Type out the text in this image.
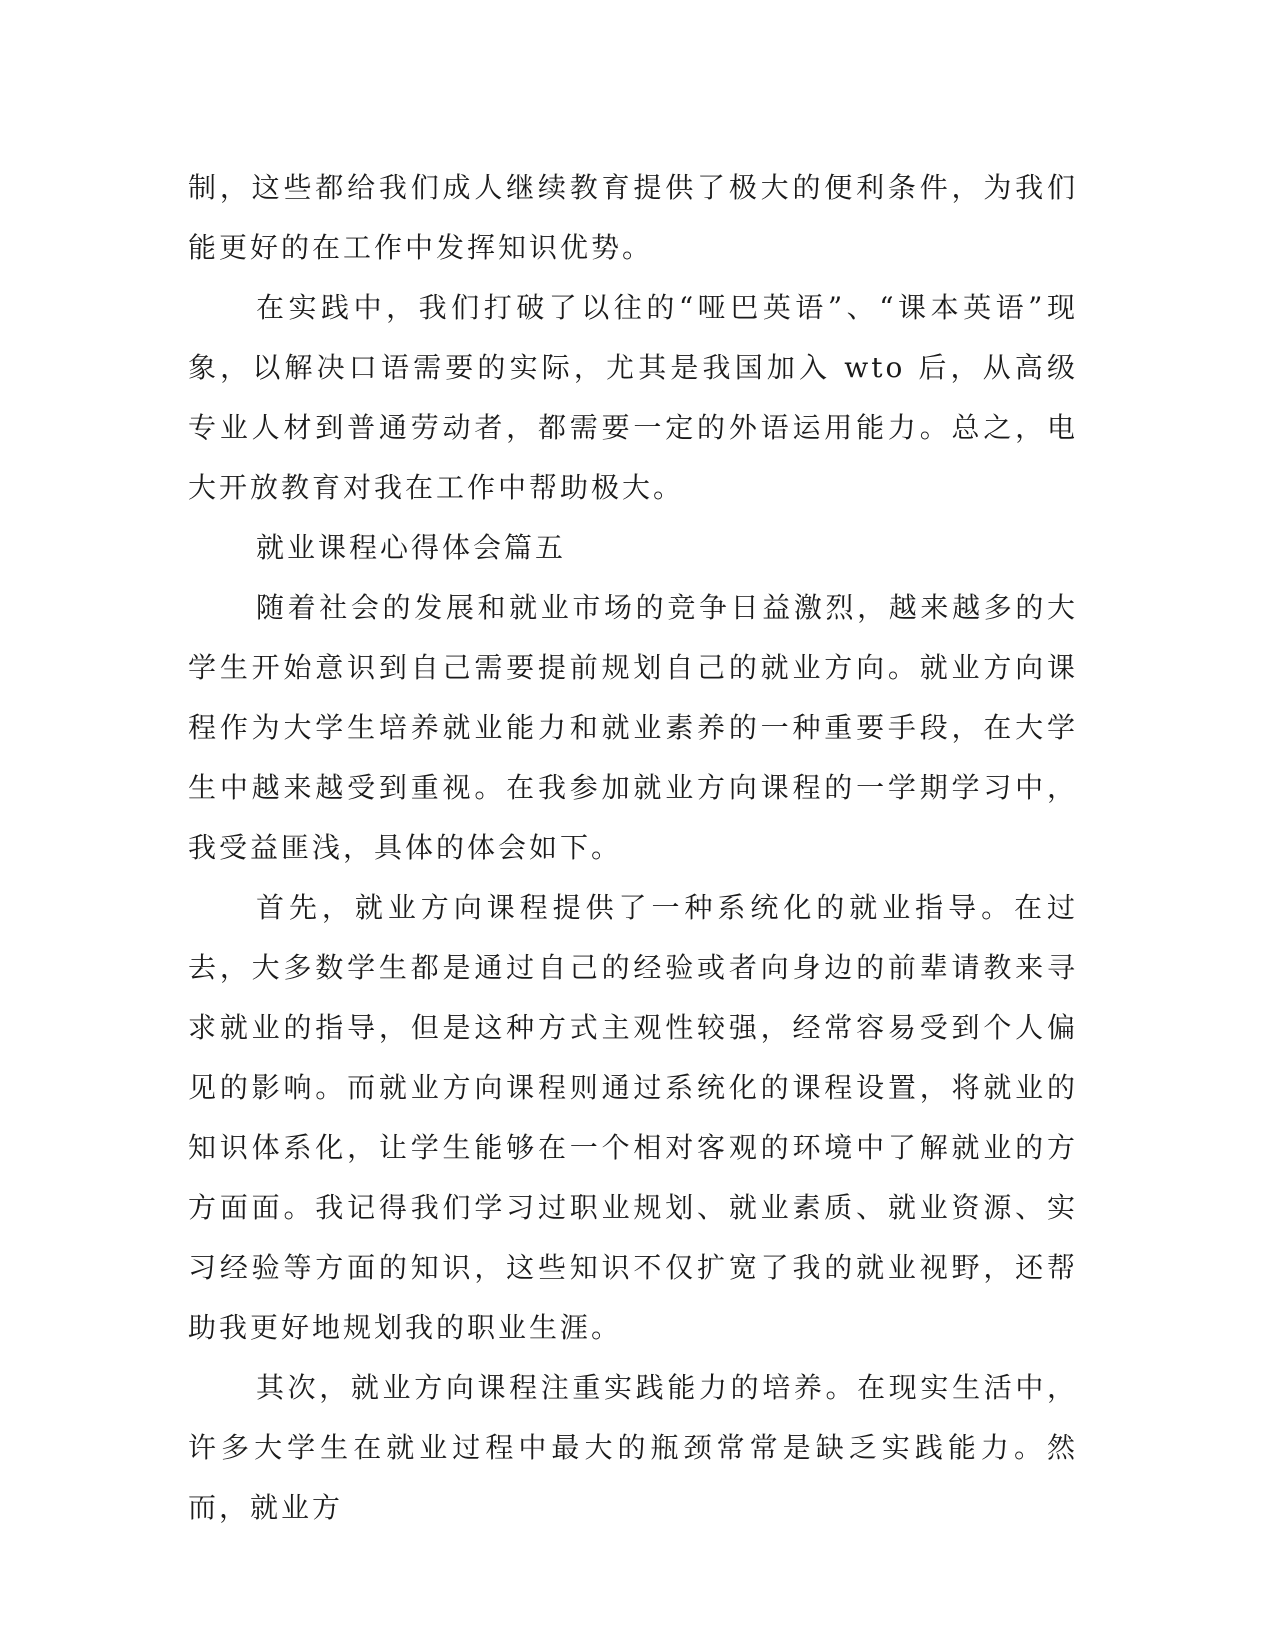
制，这些都给我们成人继续教育提供了极大的便利条件，为我们能更好的在工作中发挥知识优势。

在实践中，我们打破了以往的“哑巴英语”、“课本英语”现象，以解决口语需要的实际，尤其是我国加入 wto 后，从高级专业人材到普通劳动者，都需要一定的外语运用能力。总之，电大开放教育对我在工作中帮助极大。

就业课程心得体会篇五

随着社会的发展和就业市场的竞争日益激烈，越来越多的大学生开始意识到自己需要提前规划自己的就业方向。就业方向课程作为大学生培养就业能力和就业素养的一种重要手段，在大学生中越来越受到重视。在我参加就业方向课程的一学期学习中，我受益匪浅，具体的体会如下。

首先，就业方向课程提供了一种系统化的就业指导。在过去，大多数学生都是通过自己的经验或者向身边的前辈请教来寻求就业的指导，但是这种方式主观性较强，经常容易受到个人偏见的影响。而就业方向课程则通过系统化的课程设置，将就业的知识体系化，让学生能够在一个相对客观的环境中了解就业的方方面面。我记得我们学习过职业规划、就业素质、就业资源、实习经验等方面的知识，这些知识不仅扩宽了我的就业视野，还帮助我更好地规划我的职业生涯。

其次，就业方向课程注重实践能力的培养。在现实生活中，许多大学生在就业过程中最大的瓶颈常常是缺乏实践能力。然而，就业方
